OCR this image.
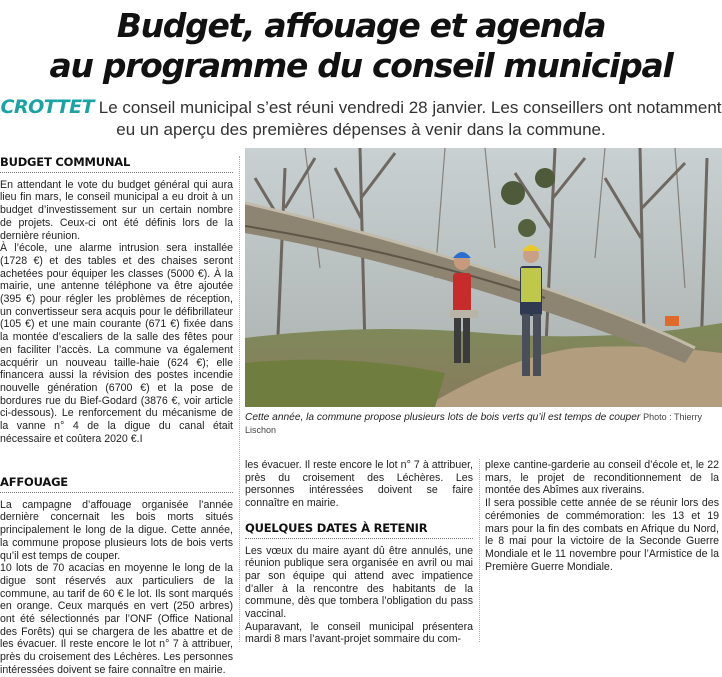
Budget, affouage et agenda
au programme du conseil municipal
CROTTET Le conseil municipal s’est réuni vendredi 28 janvier. Les conseillers ont notamment eu un aperçu des premières dépenses à venir dans la commune.
BUDGET COMMUNAL

En attendant le vote du budget général qui aura lieu fin mars, le conseil municipal a eu droit à un budget d’investissement sur un certain nombre de projets. Ceux-ci ont été définis lors de la dernière réunion.

À l’école, une alarme intrusion sera installée (1728 €) et des tables et des chaises seront achetées pour équiper les classes (5000 €). À la mairie, une antenne téléphone va être ajoutée (395 €) pour régler les problèmes de réception, un convertisseur sera acquis pour le défibrillateur (105 €) et une main courante (671 €) fixée dans la montée d’escaliers de la salle des fêtes pour en faciliter l’accès. La commune va également acquérir un nouveau taille-haie (624 €); elle financera aussi la révision des postes incendie nouvelle génération (6700 €) et la pose de bordures rue du Bief-Godard (3876 €, voir article ci-dessous). Le renforcement du mécanisme de la vanne n° 4 de la digue du canal était nécessaire et coûtera 2020 €.I

AFFOUAGE

La campagne d’affouage organisée l’année dernière concernait les bois morts situés principalement le long de la digue. Cette année, la commune propose plusieurs lots de bois verts qu’il est temps de couper.

10 lots de 70 acacias en moyenne le long de la digue sont réservés aux particuliers de la commune, au tarif de 60 € le lot. Ils sont marqués en orange. Ceux marqués en vert (250 arbres) ont été sélectionnés par l’ONF (Office National des Forêts) qui se chargera de les abattre et de les évacuer. Il reste encore le lot n° 7 à attribuer, près du croisement des Léchères. Les personnes intéressées doivent se faire connaître en mairie.

Cette année, la commune propose plusieurs lots de bois verts qu’il est temps de couper Photo : Thierry Lischon

les évacuer. Il reste encore le lot n° 7 à attribuer, près du croisement des Léchères. Les personnes intéressées doivent se faire connaître en mairie.

QUELQUES DATES À RETENIR

Les vœux du maire ayant dû être annulés, une réunion publique sera organisée en avril ou mai par son équipe qui attend avec impatience d’aller à la rencontre des habitants de la commune, dès que tombera l’obligation du pass vaccinal.

Auparavant, le conseil municipal présentera mardi 8 mars l’avant-projet sommaire du com-

plexe cantine-garderie au conseil d’école et, le 22 mars, le projet de reconditionnement de la montée des Abîmes aux riverains.

Il sera possible cette année de se réunir lors des cérémonies de commémoration: les 13 et 19 mars pour la fin des combats en Afrique du Nord, le 8 mai pour la victoire de la Seconde Guerre Mondiale et le 11 novembre pour l’Armistice de la Première Guerre Mondiale.
